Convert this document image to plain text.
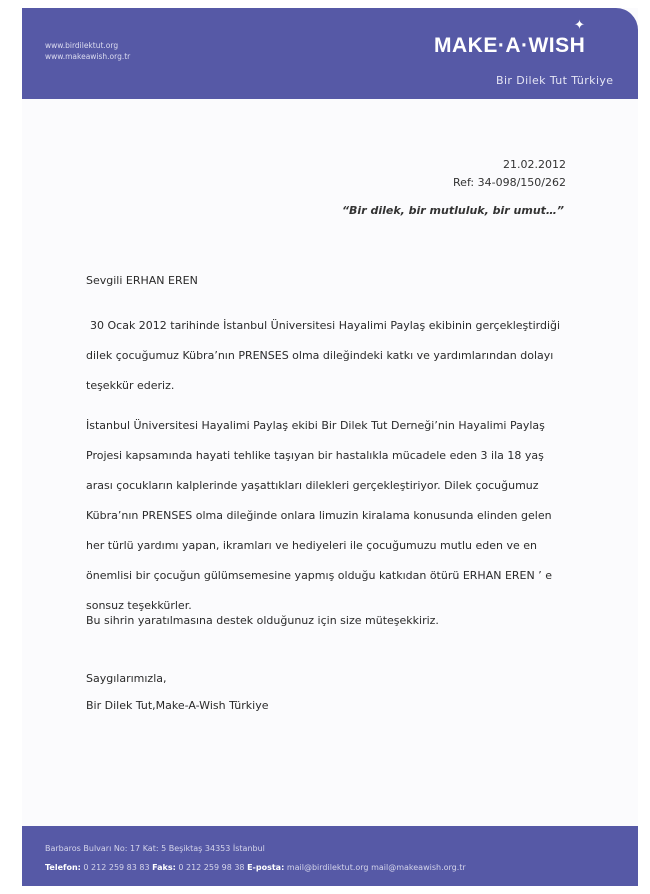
www.birdilektut.org
www.makeawish.org.tr	MAKE·A·WISH
✦
Bir Dilek Tut Türkiye
21.02.2012
Ref: 34-098/150/262
“Bir dilek, bir mutluluk, bir umut…”
Sevgili ERHAN EREN

30 Ocak 2012 tarihinde İstanbul Üniversitesi Hayalimi Paylaş ekibinin gerçekleştirdiği dilek çocuğumuz Kübra’nın PRENSES olma dileğindeki katkı ve yardımlarından dolayı teşekkür ederiz.

İstanbul Üniversitesi Hayalimi Paylaş ekibi Bir Dilek Tut Derneği’nin Hayalimi Paylaş Projesi kapsamında hayati tehlike taşıyan bir hastalıkla mücadele eden 3 ila 18 yaş arası çocukların kalplerinde yaşattıkları dilekleri gerçekleştiriyor. Dilek çocuğumuz Kübra’nın PRENSES olma dileğinde onlara limuzin kiralama konusunda elinden gelen her türlü yardımı yapan, ikramları ve hediyeleri ile çocuğumuzu mutlu eden ve en önemlisi bir çocuğun gülümsemesine yapmış olduğu katkıdan ötürü ERHAN EREN ’ e sonsuz teşekkürler.

Bu sihrin yaratılmasına destek olduğunuz için size müteşekkiriz.

Saygılarımızla,
Bir Dilek Tut,Make-A-Wish Türkiye
Barbaros Bulvarı No: 17 Kat: 5 Beşiktaş 34353 İstanbul
Telefon: 0 212 259 83 83 Faks: 0 212 259 98 38 E-posta: mail@birdilektut.org mail@makeawish.org.tr
